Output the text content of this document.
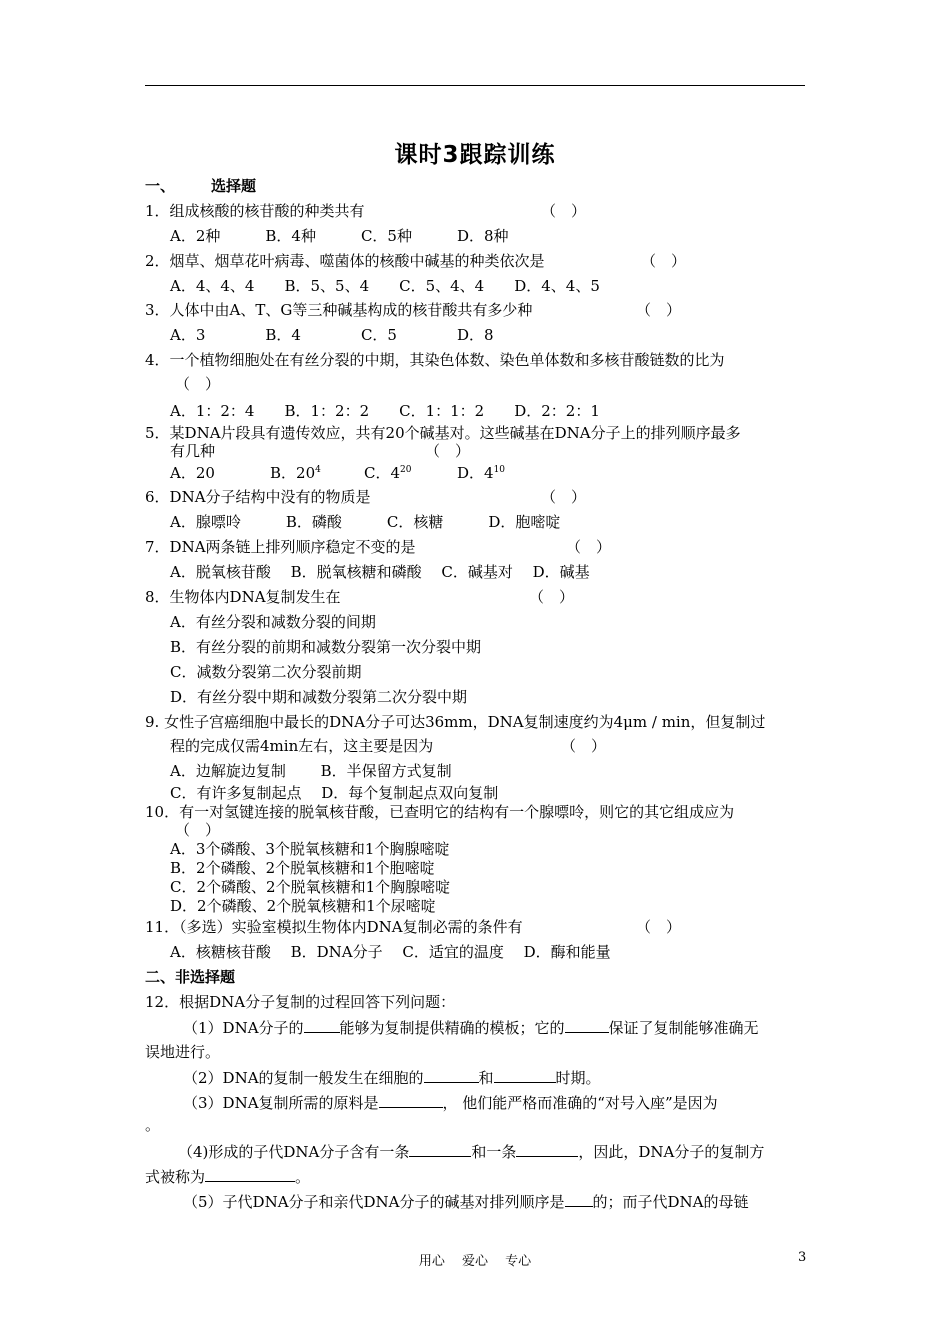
课时3跟踪训练
一、 选择题
1．组成核酸的核苷酸的种类共有	（　）
A．2种　　　B．4种　　　C．5种　　　D．8种
2．烟草、烟草花叶病毒、噬菌体的核酸中碱基的种类依次是	（　）
A．4、4、4　　B．5、5、4　　C．5、4、4　　D．4、4、5
3．人体中由A、T、G等三种碱基构成的核苷酸共有多少种	（　）
A．3　　　　B．4　　　　C．5　　　　D．8
4．一个植物细胞处在有丝分裂的中期，其染色体数、染色单体数和多核苷酸链数的比为
（　）
A．1：2：4　　B．1：2：2　　C．1：1：2　　D．2：2：1
5．某DNA片段具有遗传效应，共有20个碱基对。这些碱基在DNA分子上的排列顺序最多
有几种	（　）
A．20	B．$20^4$	C．$4^{20}$	D．$4^{10}$
6．DNA分子结构中没有的物质是	（　）
A．腺嘌呤　　　B．磷酸　　　C．核糖　　　D．胞嘧啶
7．DNA两条链上排列顺序稳定不变的是	（　）
A．脱氧核苷酸　 B．脱氧核糖和磷酸　 C．碱基对　 D．碱基
8．生物体内DNA复制发生在	（　）
A．有丝分裂和减数分裂的间期
B．有丝分裂的前期和减数分裂第一次分裂中期
C．减数分裂第二次分裂前期
D．有丝分裂中期和减数分裂第二次分裂中期
9. 女性子宫癌细胞中最长的DNA分子可达36mm，DNA复制速度约为4μm / min，但复制过
程的完成仅需4min左右，这主要是因为	（　）
A．边解旋边复制　　 B．半保留方式复制
C．有许多复制起点　 D．每个复制起点双向复制
10．有一对氢键连接的脱氧核苷酸，已查明它的结构有一个腺嘌呤，则它的其它组成应为
（　）
A．3个磷酸、3个脱氧核糖和1个胸腺嘧啶
B．2个磷酸、2个脱氧核糖和1个胞嘧啶
C．2个磷酸、2个脱氧核糖和1个胸腺嘧啶
D．2个磷酸、2个脱氧核糖和1个尿嘧啶
11．（多选）实验室模拟生物体内DNA复制必需的条件有	（　）
A．核糖核苷酸　 B．DNA分子　 C．适宜的温度　 D．酶和能量
二、非选择题
12．根据DNA分子复制的过程回答下列问题：
（1）DNA分子的 能够为复制提供精确的模板；它的	保证了复制能够准确无
误地进行。
（2）DNA的复制一般发生在细胞的	和	时期。
（3）DNA复制所需的原料是	， 他们能严格而准确的“对号入座”是因为
。
（4)形成的子代DNA分子含有一条	和一条	，因此，DNA分子的复制方
式被称为	。
（5）子代DNA分子和亲代DNA分子的碱基对排列顺序是 的；而子代DNA的母链
用心　 爱心　 专心	3
